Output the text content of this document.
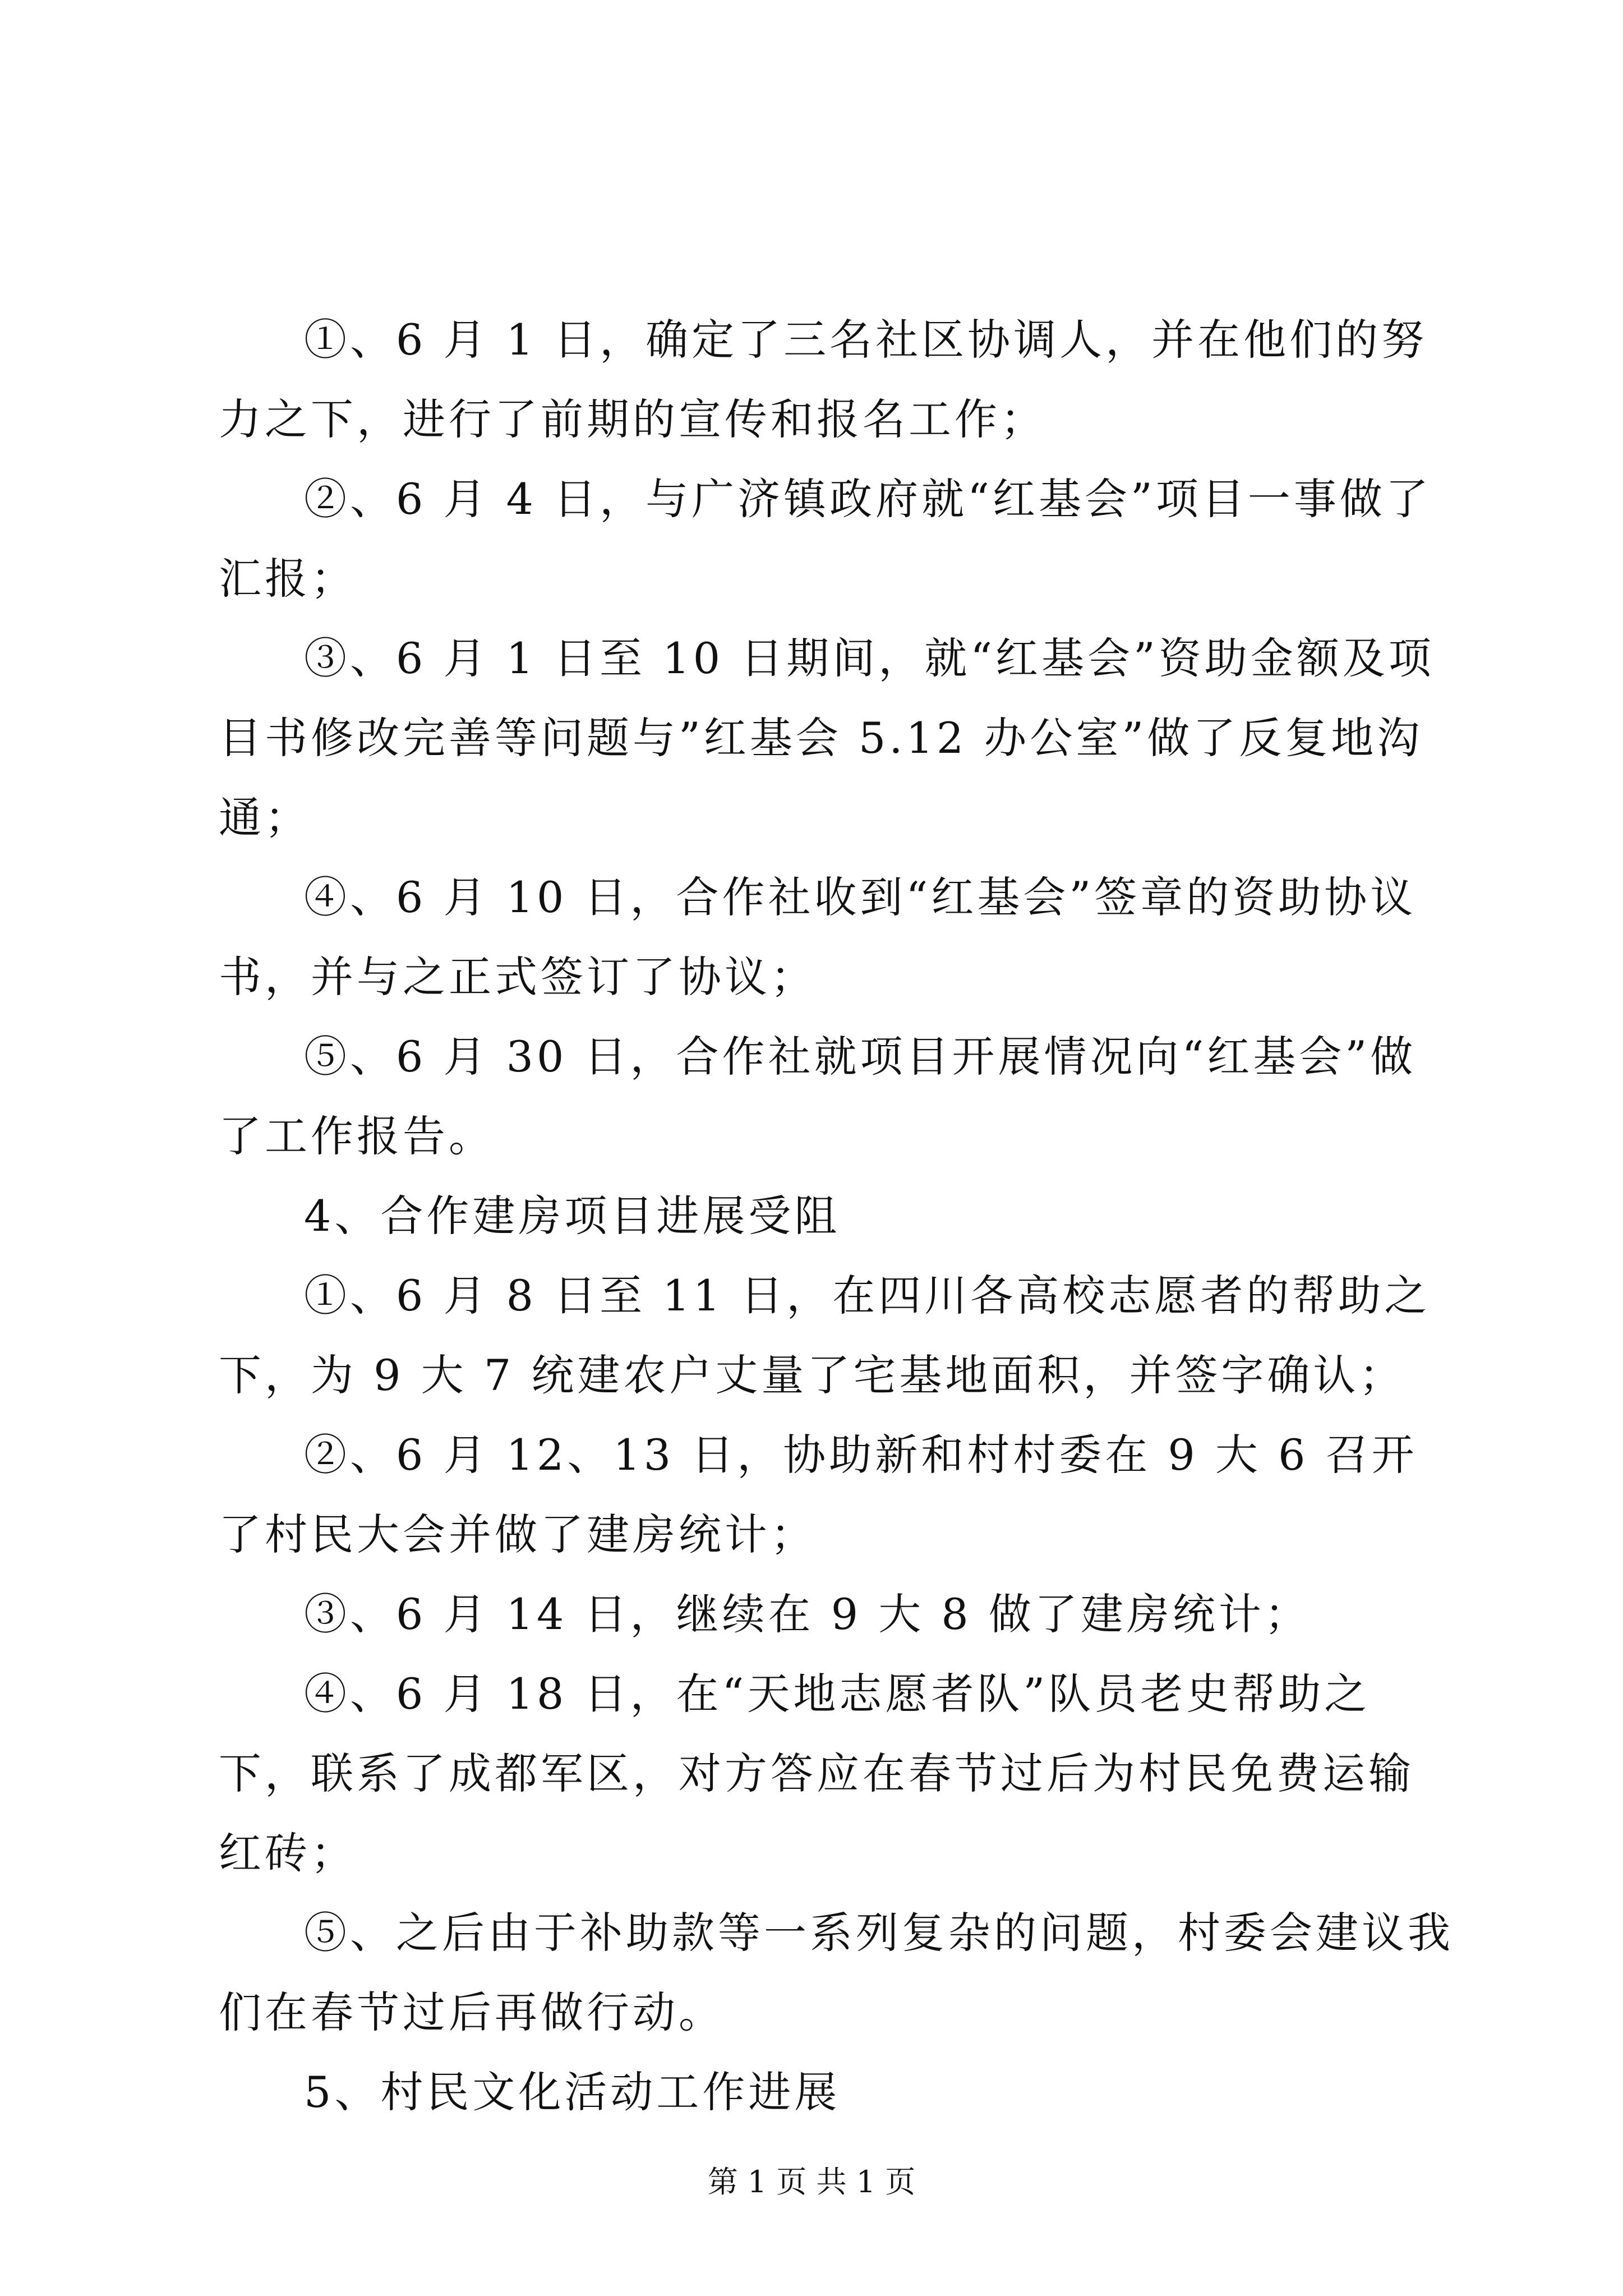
①、6 月 1 日，确定了三名社区协调人，并在他们的努力之下，进行了前期的宣传和报名工作；

②、6 月 4 日，与广济镇政府就“红基会”项目一事做了汇报；

③、6 月 1 日至 10 日期间，就“红基会”资助金额及项目书修改完善等问题与”红基会 5.12 办公室”做了反复地沟通；

④、6 月 10 日，合作社收到“红基会”签章的资助协议书，并与之正式签订了协议；

⑤、6 月 30 日，合作社就项目开展情况向“红基会”做了工作报告。

4、合作建房项目进展受阻

①、6 月 8 日至 11 日，在四川各高校志愿者的帮助之下，为 9 大 7 统建农户丈量了宅基地面积，并签字确认；

②、6 月 12、13 日，协助新和村村委在 9 大 6 召开了村民大会并做了建房统计；

③、6 月 14 日，继续在 9 大 8 做了建房统计；

④、6 月 18 日，在“天地志愿者队”队员老史帮助之下，联系了成都军区，对方答应在春节过后为村民免费运输红砖；

⑤、之后由于补助款等一系列复杂的问题，村委会建议我们在春节过后再做行动。

5、村民文化活动工作进展

第 1 页 共 1 页
